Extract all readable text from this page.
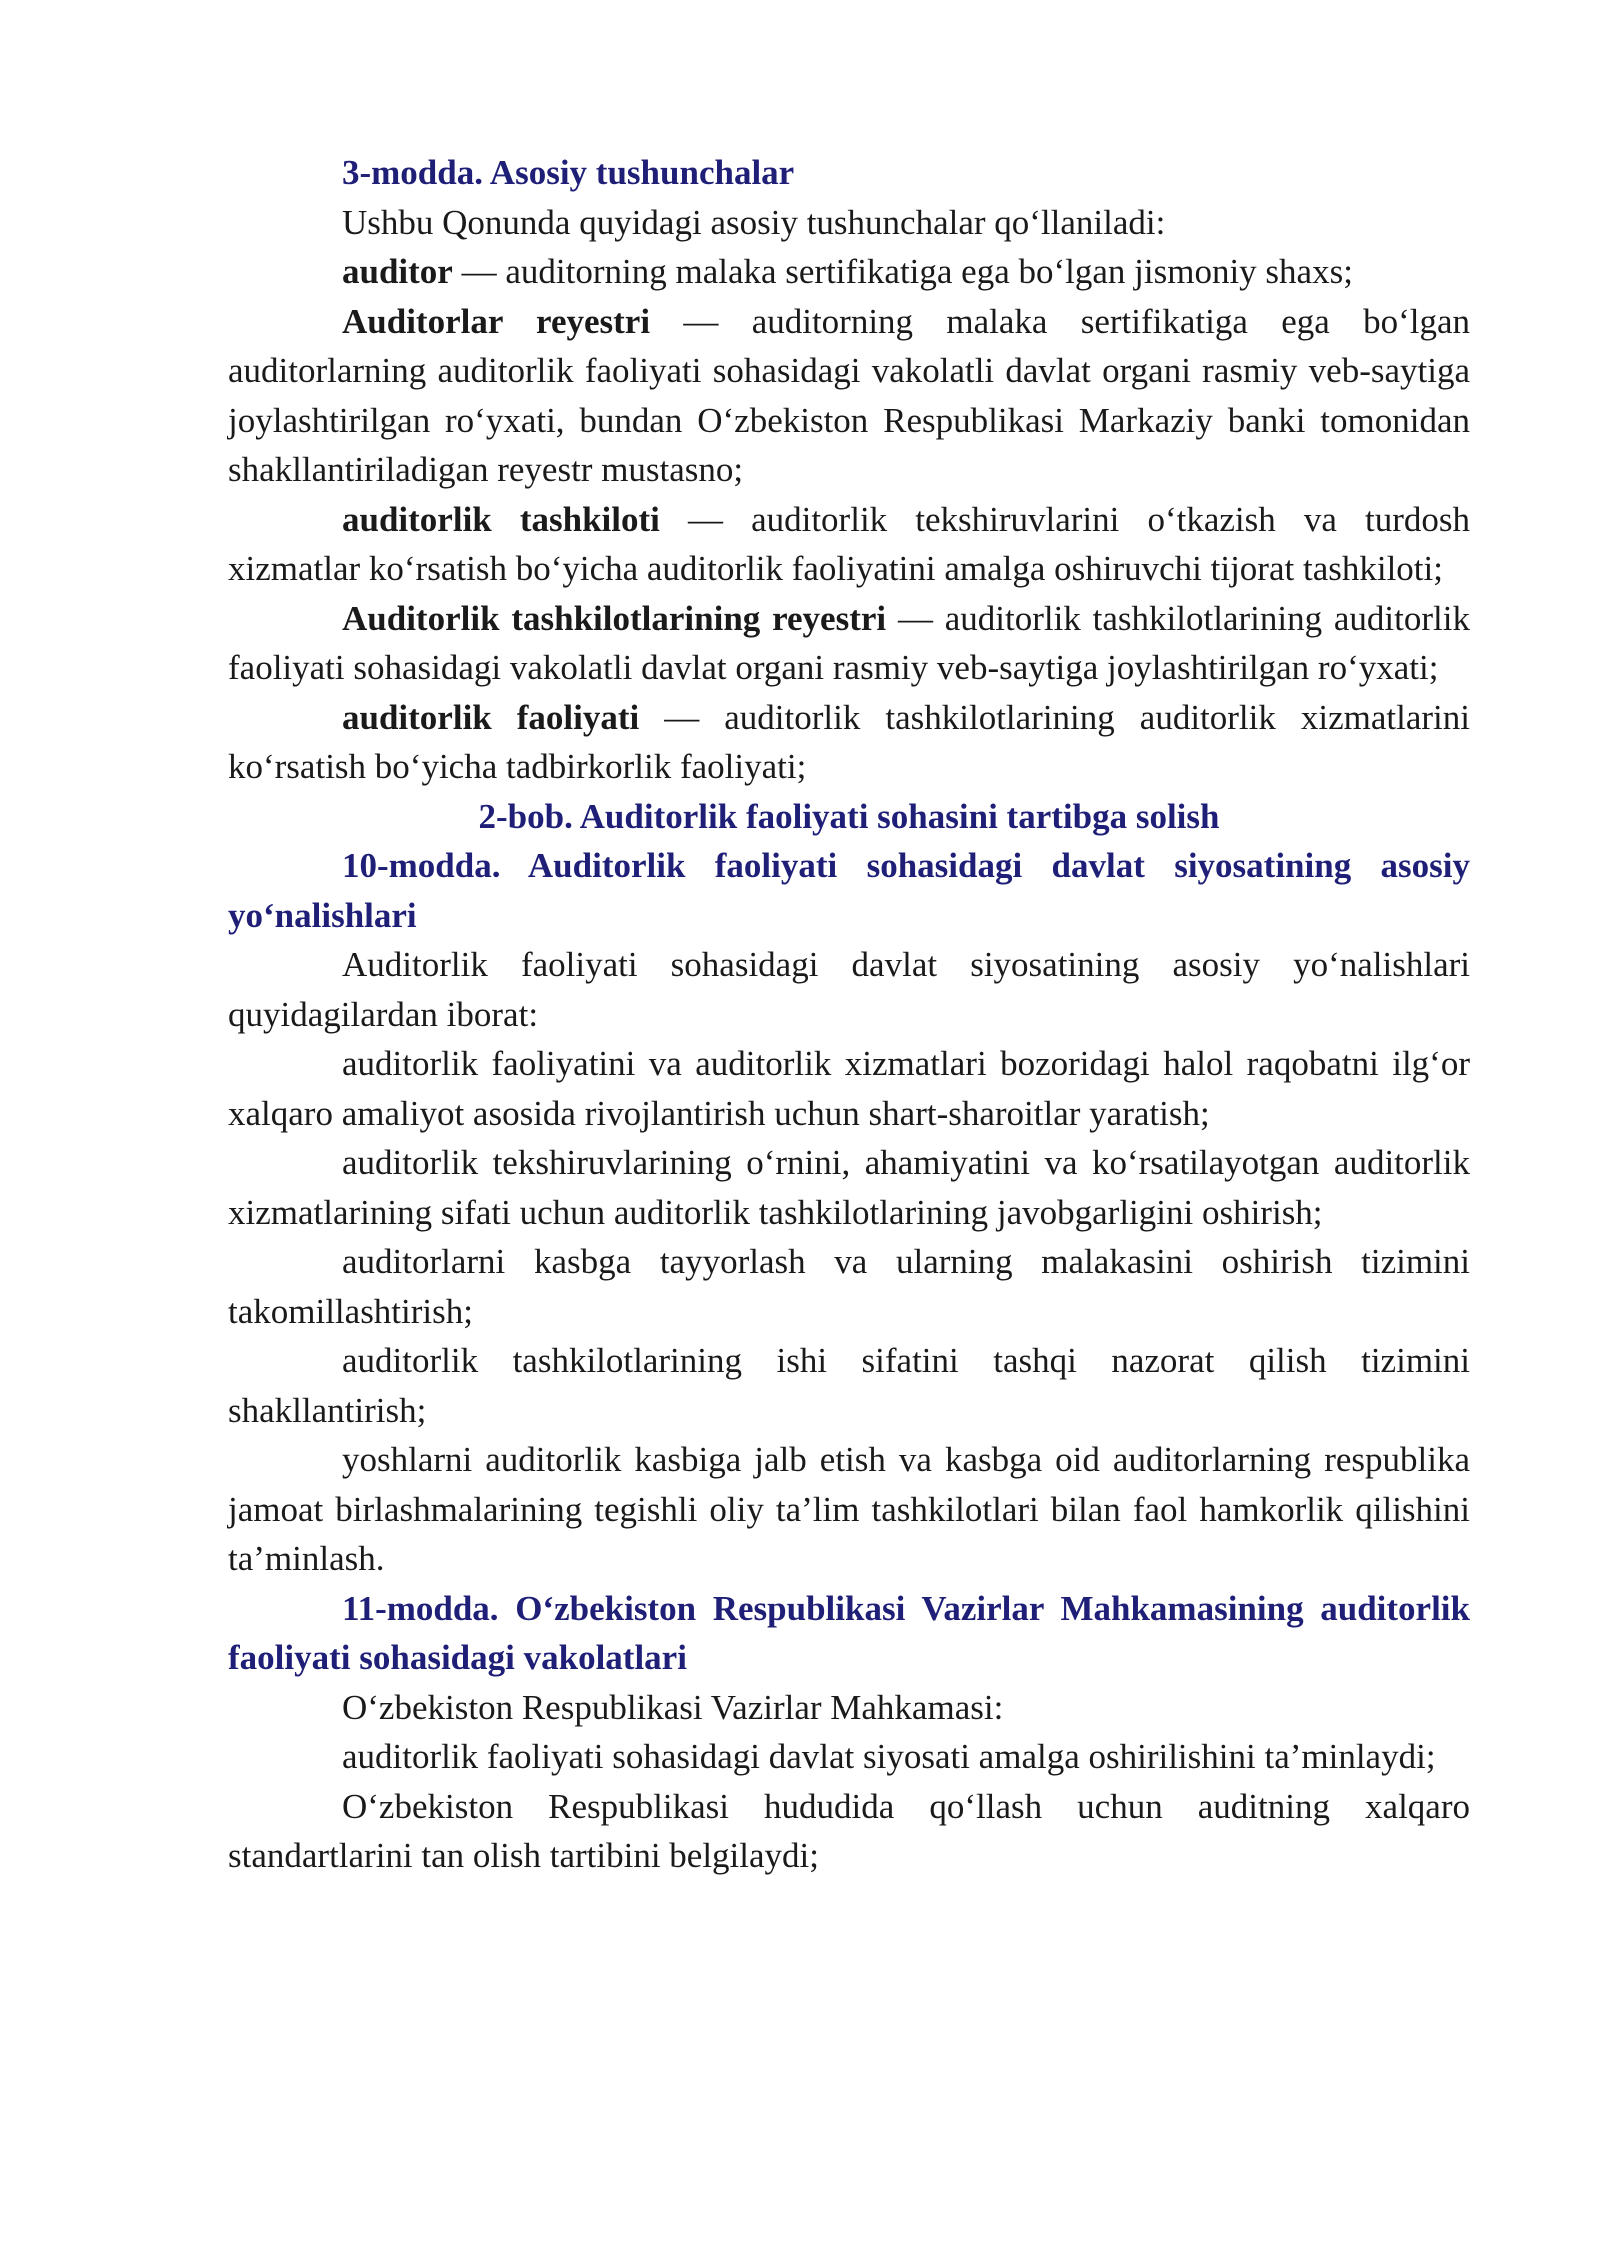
3-modda. Asosiy tushunchalar

Ushbu Qonunda quyidagi asosiy tushunchalar qo‘llaniladi:

auditor — auditorning malaka sertifikatiga ega bo‘lgan jismoniy shaxs;

Auditorlar reyestri — auditorning malaka sertifikatiga ega bo‘lgan auditorlarning auditorlik faoliyati sohasidagi vakolatli davlat organi rasmiy veb-saytiga joylashtirilgan ro‘yxati, bundan O‘zbekiston Respublikasi Markaziy banki tomonidan shakllantiriladigan reyestr mustasno;

auditorlik tashkiloti — auditorlik tekshiruvlarini o‘tkazish va turdosh xizmatlar ko‘rsatish bo‘yicha auditorlik faoliyatini amalga oshiruvchi tijorat tashkiloti;

Auditorlik tashkilotlarining reyestri — auditorlik tashkilotlarining auditorlik faoliyati sohasidagi vakolatli davlat organi rasmiy veb-saytiga joylashtirilgan ro‘yxati;

auditorlik faoliyati — auditorlik tashkilotlarining auditorlik xizmatlarini ko‘rsatish bo‘yicha tadbirkorlik faoliyati;

2-bob. Auditorlik faoliyati sohasini tartibga solish

10-modda. Auditorlik faoliyati sohasidagi davlat siyosatining asosiy yo‘nalishlari

Auditorlik faoliyati sohasidagi davlat siyosatining asosiy yo‘nalishlari quyidagilardan iborat:

auditorlik faoliyatini va auditorlik xizmatlari bozoridagi halol raqobatni ilg‘or xalqaro amaliyot asosida rivojlantirish uchun shart-sharoitlar yaratish;

auditorlik tekshiruvlarining o‘rnini, ahamiyatini va ko‘rsatilayotgan auditorlik xizmatlarining sifati uchun auditorlik tashkilotlarining javobgarligini oshirish;

auditorlarni kasbga tayyorlash va ularning malakasini oshirish tizimini takomillashtirish;

auditorlik tashkilotlarining ishi sifatini tashqi nazorat qilish tizimini shakllantirish;

yoshlarni auditorlik kasbiga jalb etish va kasbga oid auditorlarning respublika jamoat birlashmalarining tegishli oliy ta’lim tashkilotlari bilan faol hamkorlik qilishini ta’minlash.

11-modda. O‘zbekiston Respublikasi Vazirlar Mahkamasining auditorlik faoliyati sohasidagi vakolatlari

O‘zbekiston Respublikasi Vazirlar Mahkamasi:

auditorlik faoliyati sohasidagi davlat siyosati amalga oshirilishini ta’minlaydi;

O‘zbekiston Respublikasi hududida qo‘llash uchun auditning xalqaro standartlarini tan olish tartibini belgilaydi;
